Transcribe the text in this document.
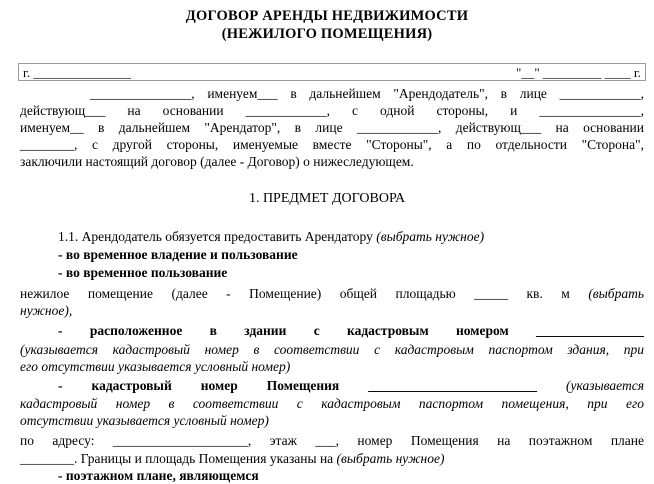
ДОГОВОР АРЕНДЫ НЕДВИЖИМОСТИ
(НЕЖИЛОГО ПОМЕЩЕНИЯ)
г. _______________	"__" _________ ____ г.
_______________, именуем___ в дальнейшем "Арендодатель", в лице ____________,
действующ___ на основании ____________, с одной стороны, и _______________,
именуем__ в дальнейшем "Арендатор", в лице ____________, действующ___ на основании
________, с другой стороны, именуемые вместе "Стороны", а по отдельности "Сторона",
заключили настоящий договор (далее - Договор) о нижеследующем.
1. ПРЕДМЕТ ДОГОВОРА
1.1. Арендодатель обязуется предоставить Арендатору (выбрать нужное)
- во временное владение и пользование
- во временное пользование
нежилое помещение (далее - Помещение) общей площадью _____ кв. м (выбрать
нужное),
- расположенное в здании с кадастровым номером ________________
(указывается кадастровый номер в соответствии с кадастровым паспортом здания, при
его отсутствии указывается условный номер)
- кадастровый номер Помещения _________________________ (указывается
кадастровый номер в соответствии с кадастровым паспортом помещения, при его
отсутствии указывается условный номер)
по адресу: ____________________, этаж ___, номер Помещения на поэтажном плане
________. Границы и площадь Помещения указаны на (выбрать нужное)
- поэтажном плане, являющемся
